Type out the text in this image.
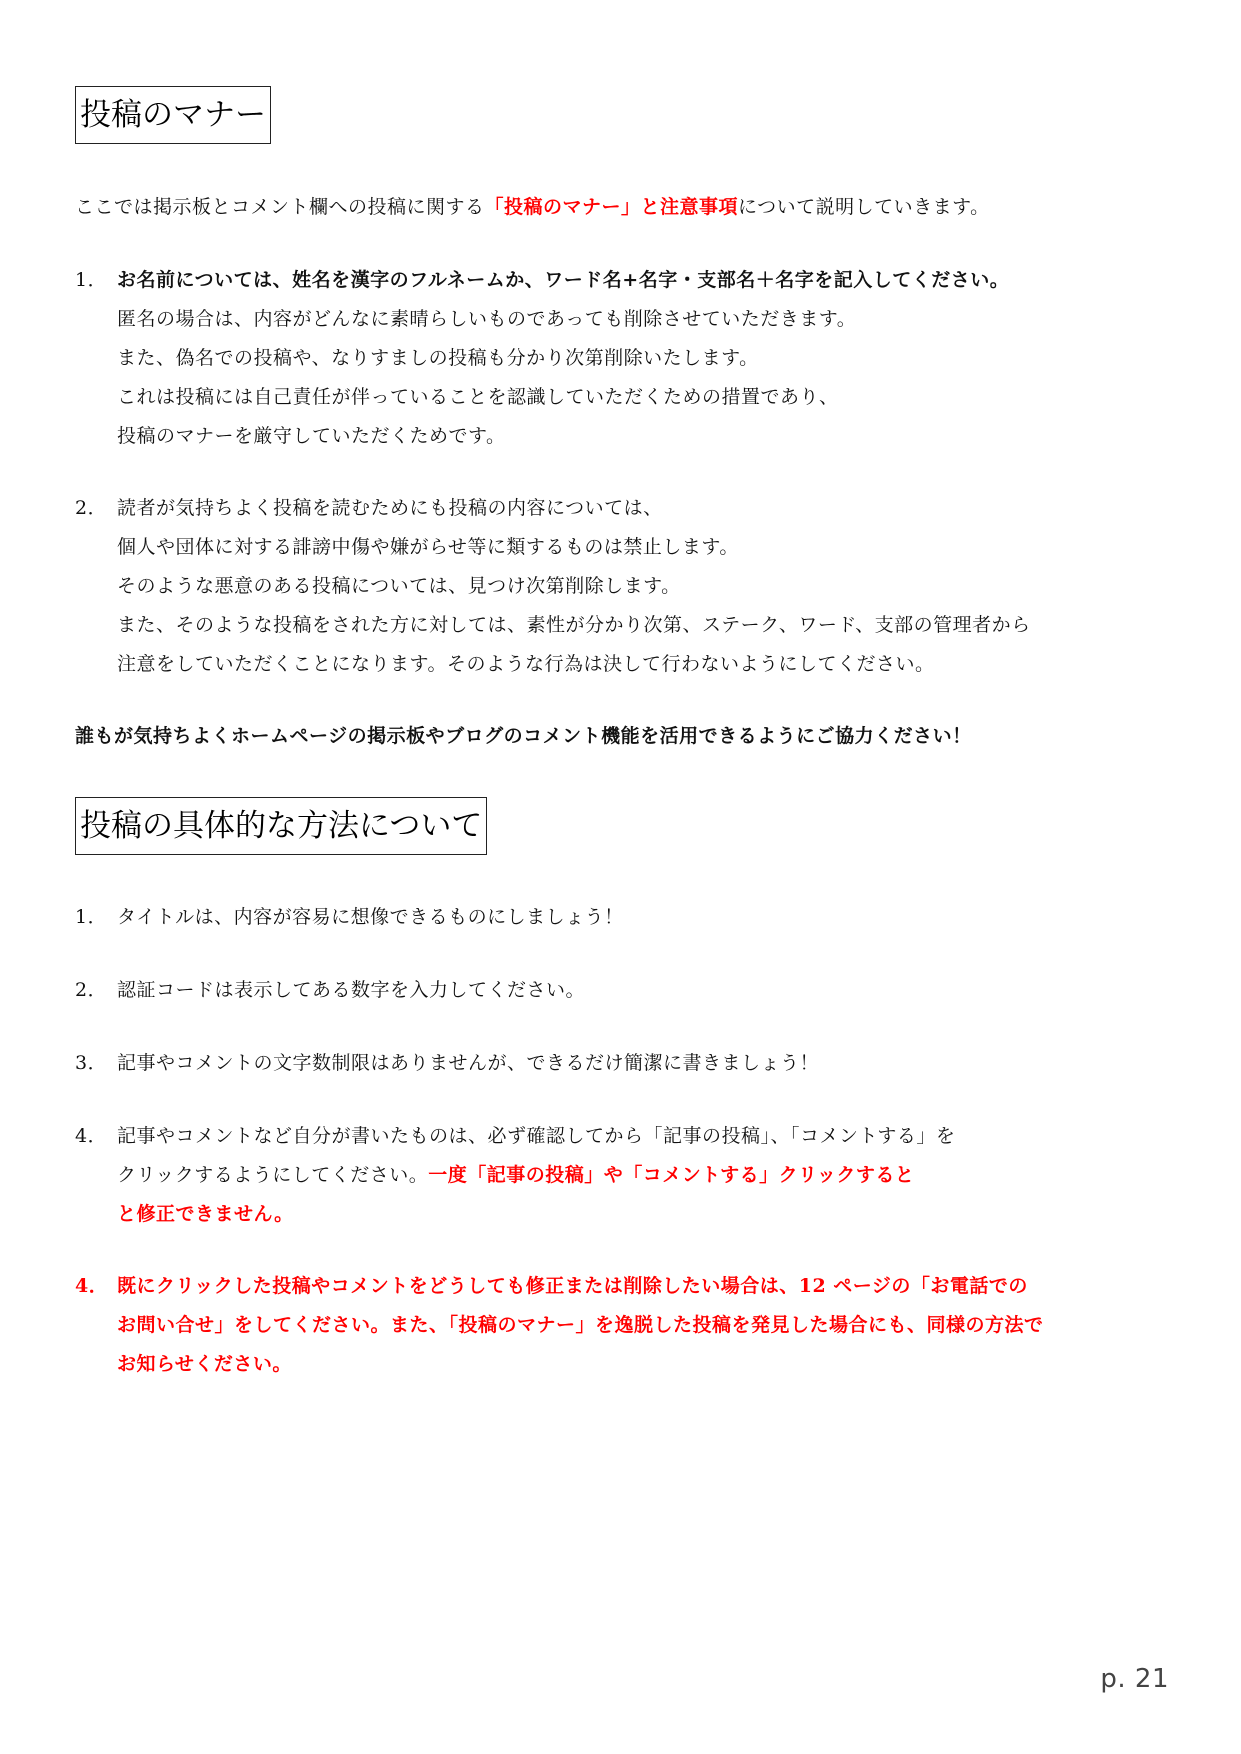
投稿のマナー
ここでは掲示板とコメント欄への投稿に関する「投稿のマナー」と注意事項について説明していきます。
1． お名前については、姓名を漢字のフルネームか、ワード名+名字・支部名＋名字を記入してください。
匿名の場合は、内容がどんなに素晴らしいものであっても削除させていただきます。
また、偽名での投稿や、なりすましの投稿も分かり次第削除いたします。
これは投稿には自己責任が伴っていることを認識していただくための措置であり、
投稿のマナーを厳守していただくためです。
2． 読者が気持ちよく投稿を読むためにも投稿の内容については、
個人や団体に対する誹謗中傷や嫌がらせ等に類するものは禁止します。
そのような悪意のある投稿については、見つけ次第削除します。
また、そのような投稿をされた方に対しては、素性が分かり次第、ステーク、ワード、支部の管理者から
注意をしていただくことになります。そのような行為は決して行わないようにしてください。
誰もが気持ちよくホームページの掲示板やブログのコメント機能を活用できるようにご協力ください！
投稿の具体的な方法について
1． タイトルは、内容が容易に想像できるものにしましょう！
2． 認証コードは表示してある数字を入力してください。
3． 記事やコメントの文字数制限はありませんが、できるだけ簡潔に書きましょう！
4． 記事やコメントなど自分が書いたものは、必ず確認してから「記事の投稿」、「コメントする」を
クリックするようにしてください。一度「記事の投稿」や「コメントする」クリックすると
と修正できません。
4． 既にクリックした投稿やコメントをどうしても修正または削除したい場合は、12 ページの「お電話での
お問い合せ」をしてください。また、「投稿のマナー」を逸脱した投稿を発見した場合にも、同様の方法で
お知らせください。
p. 21
